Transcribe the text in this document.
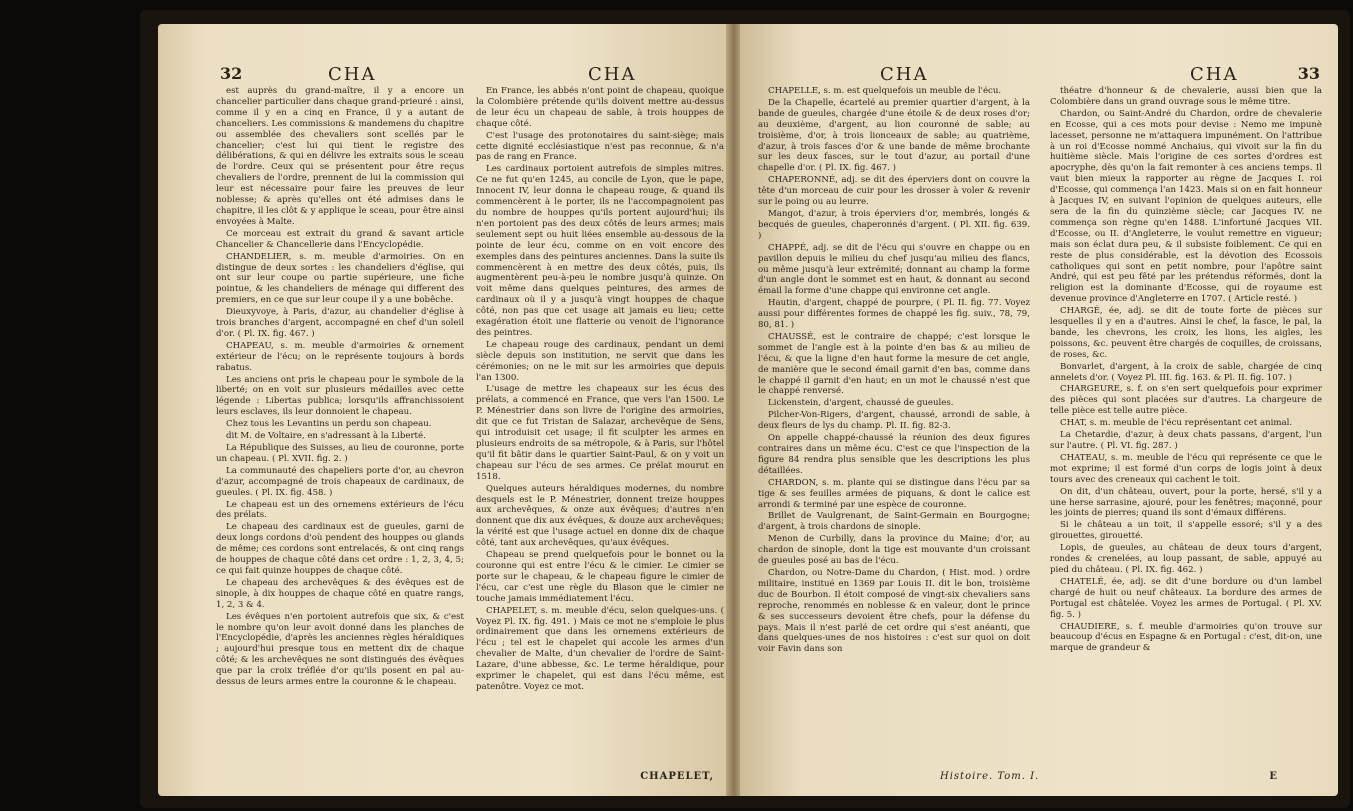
32	CHA	CHA

est auprès du grand-maître, il y a encore un chancelier particulier dans chaque grand-prieuré : ainsi, comme il y en a cinq en France, il y a autant de chanceliers. Les commissions & mandemens du chapitre ou assemblée des chevaliers sont scellés par le chancelier; c'est lui qui tient le registre des délibérations, & qui en délivre les extraits sous le sceau de l'ordre. Ceux qui se présentent pour être reçus chevaliers de l'ordre, prennent de lui la commission qui leur est nécessaire pour faire les preuves de leur noblesse; & après qu'elles ont été admises dans le chapitre, il les clôt & y applique le sceau, pour être ainsi envoyées à Malte.

Ce morceau est extrait du grand & savant article Chancelier & Chancellerie dans l'Encyclopédie.

CHANDELIER, s. m. meuble d'armoiries. On en distingue de deux sortes : les chandeliers d'église, qui ont sur leur coupe ou partie supérieure, une fiche pointue, & les chandeliers de ménage qui different des premiers, en ce que sur leur coupe il y a une bobêche.

Dieuxyvoye, à Paris, d'azur, au chandelier d'église à trois branches d'argent, accompagné en chef d'un soleil d'or. ( Pl. IX. fig. 467. )

CHAPEAU, s. m. meuble d'armoiries & ornement extérieur de l'écu; on le représente toujours à bords rabatus.

Les anciens ont pris le chapeau pour le symbole de la liberté; on en voit sur plusieurs médailles avec cette légende : Libertas publica; lorsqu'ils affranchissoient leurs esclaves, ils leur donnoient le chapeau.

Chez tous les Levantins un perdu son chapeau.

dit M. de Voltaire, en s'adressant à la Liberté.

La République des Suisses, au lieu de couronne, porte un chapeau. ( Pl. XVII. fig. 2. )

La communauté des chapeliers porte d'or, au chevron d'azur, accompagné de trois chapeaux de cardinaux, de gueules. ( Pl. IX. fig. 458. )

Le chapeau est un des ornemens extérieurs de l'écu des prélats.

Le chapeau des cardinaux est de gueules, garni de deux longs cordons d'où pendent des houppes ou glands de même; ces cordons sont entrelacés, & ont cinq rangs de houppes de chaque côté dans cet ordre : 1, 2, 3, 4, 5; ce qui fait quinze houppes de chaque côté.

Le chapeau des archevêques & des évêques est de sinople, à dix houppes de chaque côté en quatre rangs, 1, 2, 3 & 4.

Les évêques n'en portoient autrefois que six, & c'est le nombre qu'on leur avoit donné dans les planches de l'Encyclopédie, d'après les anciennes règles héraldiques ; aujourd'hui presque tous en mettent dix de chaque côté; & les archevêques ne sont distingués des évêques que par la croix tréflée d'or qu'ils posent en pal au-dessus de leurs armes entre la couronne & le chapeau.

En France, les abbés n'ont point de chapeau, quoique la Colombière prétende qu'ils doivent mettre au-dessus de leur écu un chapeau de sable, à trois houppes de chaque côté.

C'est l'usage des protonotaires du saint-siège; mais cette dignité ecclésiastique n'est pas reconnue, & n'a pas de rang en France.

Les cardinaux portoient autrefois de simples mitres. Ce ne fut qu'en 1245, au concile de Lyon, que le pape, Innocent IV, leur donna le chapeau rouge, & quand ils commencèrent à le porter, ils ne l'accompagnoient pas du nombre de houppes qu'ils portent aujourd'hui; ils n'en portoient pas des deux côtés de leurs armes; mais seulement sept ou huit liées ensemble au-dessous de la pointe de leur écu, comme on en voit encore des exemples dans des peintures anciennes. Dans la suite ils commencèrent à en mettre des deux côtés, puis, ils augmentèrent peu-à-peu le nombre jusqu'à quinze. On voit même dans quelques peintures, des armes de cardinaux où il y a jusqu'à vingt houppes de chaque côté, non pas que cet usage ait jamais eu lieu; cette exagération étoit une flatterie ou venoit de l'ignorance des peintres.

Le chapeau rouge des cardinaux, pendant un demi siècle depuis son institution, ne servit que dans les cérémonies; on ne le mit sur les armoiries que depuis l'an 1300.

L'usage de mettre les chapeaux sur les écus des prélats, a commencé en France, que vers l'an 1500. Le P. Ménestrier dans son livre de l'origine des armoiries, dit que ce fut Tristan de Salazar, archevêque de Sens, qui introduisit cet usage; il fit sculpter les armes en plusieurs endroits de sa métropole, & à Paris, sur l'hôtel qu'il fit bâtir dans le quartier Saint-Paul, & on y voit un chapeau sur l'écu de ses armes. Ce prélat mourut en 1518.

Quelques auteurs héraldiques modernes, du nombre desquels est le P. Ménestrier, donnent treize houppes aux archevêques, & onze aux évêques; d'autres n'en donnent que dix aux évêques, & douze aux archevêques; la vérité est que l'usage actuel en donne dix de chaque côté, tant aux archevêques, qu'aux évêques.

Chapeau se prend quelquefois pour le bonnet ou la couronne qui est entre l'écu & le cimier. Le cimier se porte sur le chapeau, & le chapeau figure le cimier de l'écu, car c'est une règle du Blason que le cimier ne touche jamais immédiatement l'écu.

CHAPELET, s. m. meuble d'écu, selon quelques-uns. ( Voyez Pl. IX. fig. 491. ) Mais ce mot ne s'emploie le plus ordinairement que dans les ornemens extérieurs de l'écu ; tel est le chapelet qui accole les armes d'un chevalier de Malte, d'un chevalier de l'ordre de Saint-Lazare, d'une abbesse, &c. Le terme héraldique, pour exprimer le chapelet, qui est dans l'écu même, est patenôtre. Voyez ce mot.

CHAPELET,
CHA	CHA	33

CHAPELLE, s. m. est quelquefois un meuble de l'écu.

De la Chapelle, écartelé au premier quartier d'argent, à la bande de gueules, chargée d'une étoile & de deux roses d'or; au deuxième, d'argent, au lion couronné de sable; au troisième, d'or, à trois lionceaux de sable; au quatrième, d'azur, à trois fasces d'or & une bande de même brochante sur les deux fasces, sur le tout d'azur, au portail d'une chapelle d'or. ( Pl. IX. fig. 467. )

CHAPERONNÉ, adj. se dit des éperviers dont on couvre la tête d'un morceau de cuir pour les drosser à voler & revenir sur le poing ou au leurre.

Mangot, d'azur, à trois éperviers d'or, membrés, longés & becqués de gueules, chaperonnés d'argent. ( Pl. XII. fig. 639. )

CHAPPÉ, adj. se dit de l'écu qui s'ouvre en chappe ou en pavillon depuis le milieu du chef jusqu'au milieu des flancs, ou même jusqu'à leur extrémité; donnant au champ la forme d'un angle dont le sommet est en haut, & donnant au second émail la forme d'une chappe qui environne cet angle.

Hautin, d'argent, chappé de pourpre, ( Pl. II. fig. 77. Voyez aussi pour différentes formes de chappé les fig. suiv., 78, 79, 80, 81. )

CHAUSSÉ, est le contraire de chappé; c'est lorsque le sommet de l'angle est à la pointe d'en bas & au milieu de l'écu, & que la ligne d'en haut forme la mesure de cet angle, de manière que le second émail garnit d'en bas, comme dans le chappé il garnit d'en haut; en un mot le chaussé n'est que le chappé renversé.

Lickenstein, d'argent, chaussé de gueules.

Pilcher-Von-Rigers, d'argent, chaussé, arrondi de sable, à deux fleurs de lys du champ. Pl. II. fig. 82-3.

On appelle chappé-chaussé la réunion des deux figures contraires dans un même écu. C'est ce que l'inspection de la figure 84 rendra plus sensible que les descriptions les plus détaillées.

CHARDON, s. m. plante qui se distingue dans l'écu par sa tige & ses feuilles armées de piquans, & dont le calice est arrondi & terminé par une espèce de couronne.

Brillet de Vaulgrenant, de Saint-Germain en Bourgogne; d'argent, à trois chardons de sinople.

Menon de Curbilly, dans la province du Maine; d'or, au chardon de sinople, dont la tige est mouvante d'un croissant de gueules posé au bas de l'écu.

Chardon, ou Notre-Dame du Chardon, ( Hist. mod. ) ordre militaire, institué en 1369 par Louis II. dit le bon, troisième duc de Bourbon. Il étoit composé de vingt-six chevaliers sans reproche, renommés en noblesse & en valeur, dont le prince & ses successeurs devoient être chefs, pour la défense du pays. Mais il n'est parlé de cet ordre qui s'est anéanti, que dans quelques-unes de nos histoires : c'est sur quoi on doit voir Favin dans son

théatre d'honneur & de chevalerie, aussi bien que la Colombière dans un grand ouvrage sous le même titre.

Chardon, ou Saint-André du Chardon, ordre de chevalerie en Ecosse, qui a ces mots pour devise : Nemo me impunè lacesset, personne ne m'attaquera impunément. On l'attribue à un roi d'Ecosse nommé Anchaius, qui vivoit sur la fin du huitième siècle. Mais l'origine de ces sortes d'ordres est apocryphe, dès qu'on la fait remonter à ces anciens temps. Il vaut bien mieux la rapporter au règne de Jacques I. roi d'Ecosse, qui commença l'an 1423. Mais si on en fait honneur à Jacques IV, en suivant l'opinion de quelques auteurs, elle sera de la fin du quinzième siècle; car Jacques IV. ne commença son règne qu'en 1488. L'infortuné Jacques VII. d'Ecosse, ou II. d'Angleterre, le voulut remettre en vigueur; mais son éclat dura peu, & il subsiste foiblement. Ce qui en reste de plus considérable, est la dévotion des Ecossois catholiques qui sont en petit nombre, pour l'apôtre saint André, qui est peu fêté par les prétendus réformés, dont la religion est la dominante d'Ecosse, qui de royaume est devenue province d'Angleterre en 1707. ( Article resté. )

CHARGÉ, ée, adj. se dit de toute forte de pièces sur lesquelles il y en a d'autres. Ainsi le chef, la fasce, le pal, la bande, les chevrons, les croix, les lions, les aigles, les poissons, &c. peuvent être chargés de coquilles, de croissans, de roses, &c.

Bonvarlet, d'argent, à la croix de sable, chargée de cinq annelets d'or. ( Voyez Pl. III. fig. 163. & Pl. II. fig. 107. )

CHARGEURE, s. f. on s'en sert quelquefois pour exprimer des pièces qui sont placées sur d'autres. La chargeure de telle pièce est telle autre pièce.

CHAT, s. m. meuble de l'écu représentant cet animal.

La Chetardie, d'azur, à deux chats passans, d'argent, l'un sur l'autre. ( Pl. VI. fig. 287. )

CHATEAU, s. m. meuble de l'écu qui représente ce que le mot exprime; il est formé d'un corps de logis joint à deux tours avec des creneaux qui cachent le toit.

On dit, d'un château, ouvert, pour la porte, hersé, s'il y a une herse sarrasine, ajouré, pour les fenêtres; maçonné, pour les joints de pierres; quand ils sont d'émaux différens.

Si le château a un toit, il s'appelle essoré; s'il y a des girouettes, girouetté.

Lopis, de gueules, au château de deux tours d'argent, rondes & crenelées, au loup passant, de sable, appuyé au pied du château. ( Pl. IX. fig. 462. )

CHATELÉ, ée, adj. se dit d'une bordure ou d'un lambel chargé de huit ou neuf châteaux. La bordure des armes de Portugal est châtelée. Voyez les armes de Portugal. ( Pl. XV. fig. 5. )

CHAUDIERE, s. f. meuble d'armoiries qu'on trouve sur beaucoup d'écus en Espagne & en Portugal : c'est, dit-on, une marque de grandeur &

Histoire. Tom. I.	E
